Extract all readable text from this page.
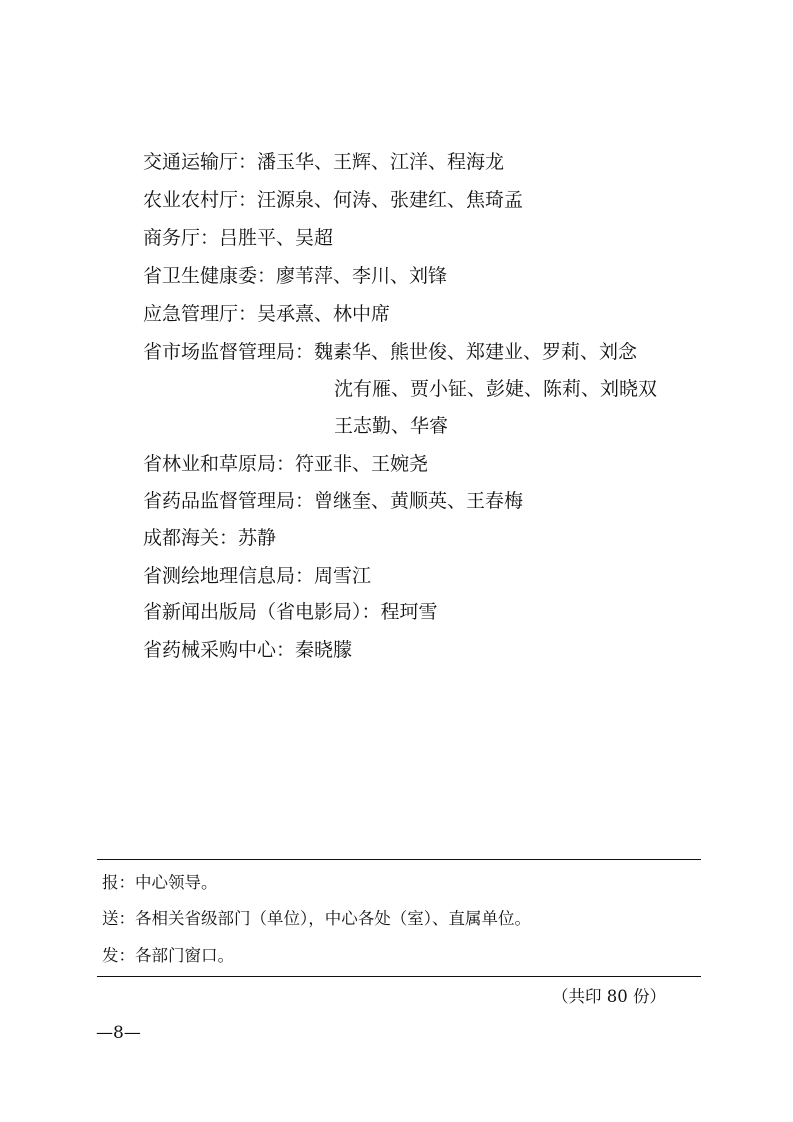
交通运输厅：潘玉华、王辉、江洋、程海龙
农业农村厅：汪源泉、何涛、张建红、焦琦孟
商务厅：吕胜平、吴超
省卫生健康委：廖苇萍、李川、刘锋
应急管理厅：吴承熹、林中席
省市场监督管理局：魏素华、熊世俊、郑建业、罗莉、刘念
沈有雁、贾小钲、彭婕、陈莉、刘晓双
王志勤、华睿
省林业和草原局：符亚非、王婉尧
省药品监督管理局：曾继奎、黄顺英、王春梅
成都海关：苏静
省测绘地理信息局：周雪江
省新闻出版局（省电影局）：程珂雪
省药械采购中心：秦晓朦
报：中心领导。
送：各相关省级部门（单位），中心各处（室）、直属单位。
发：各部门窗口。
（共印 80 份）
—8—
